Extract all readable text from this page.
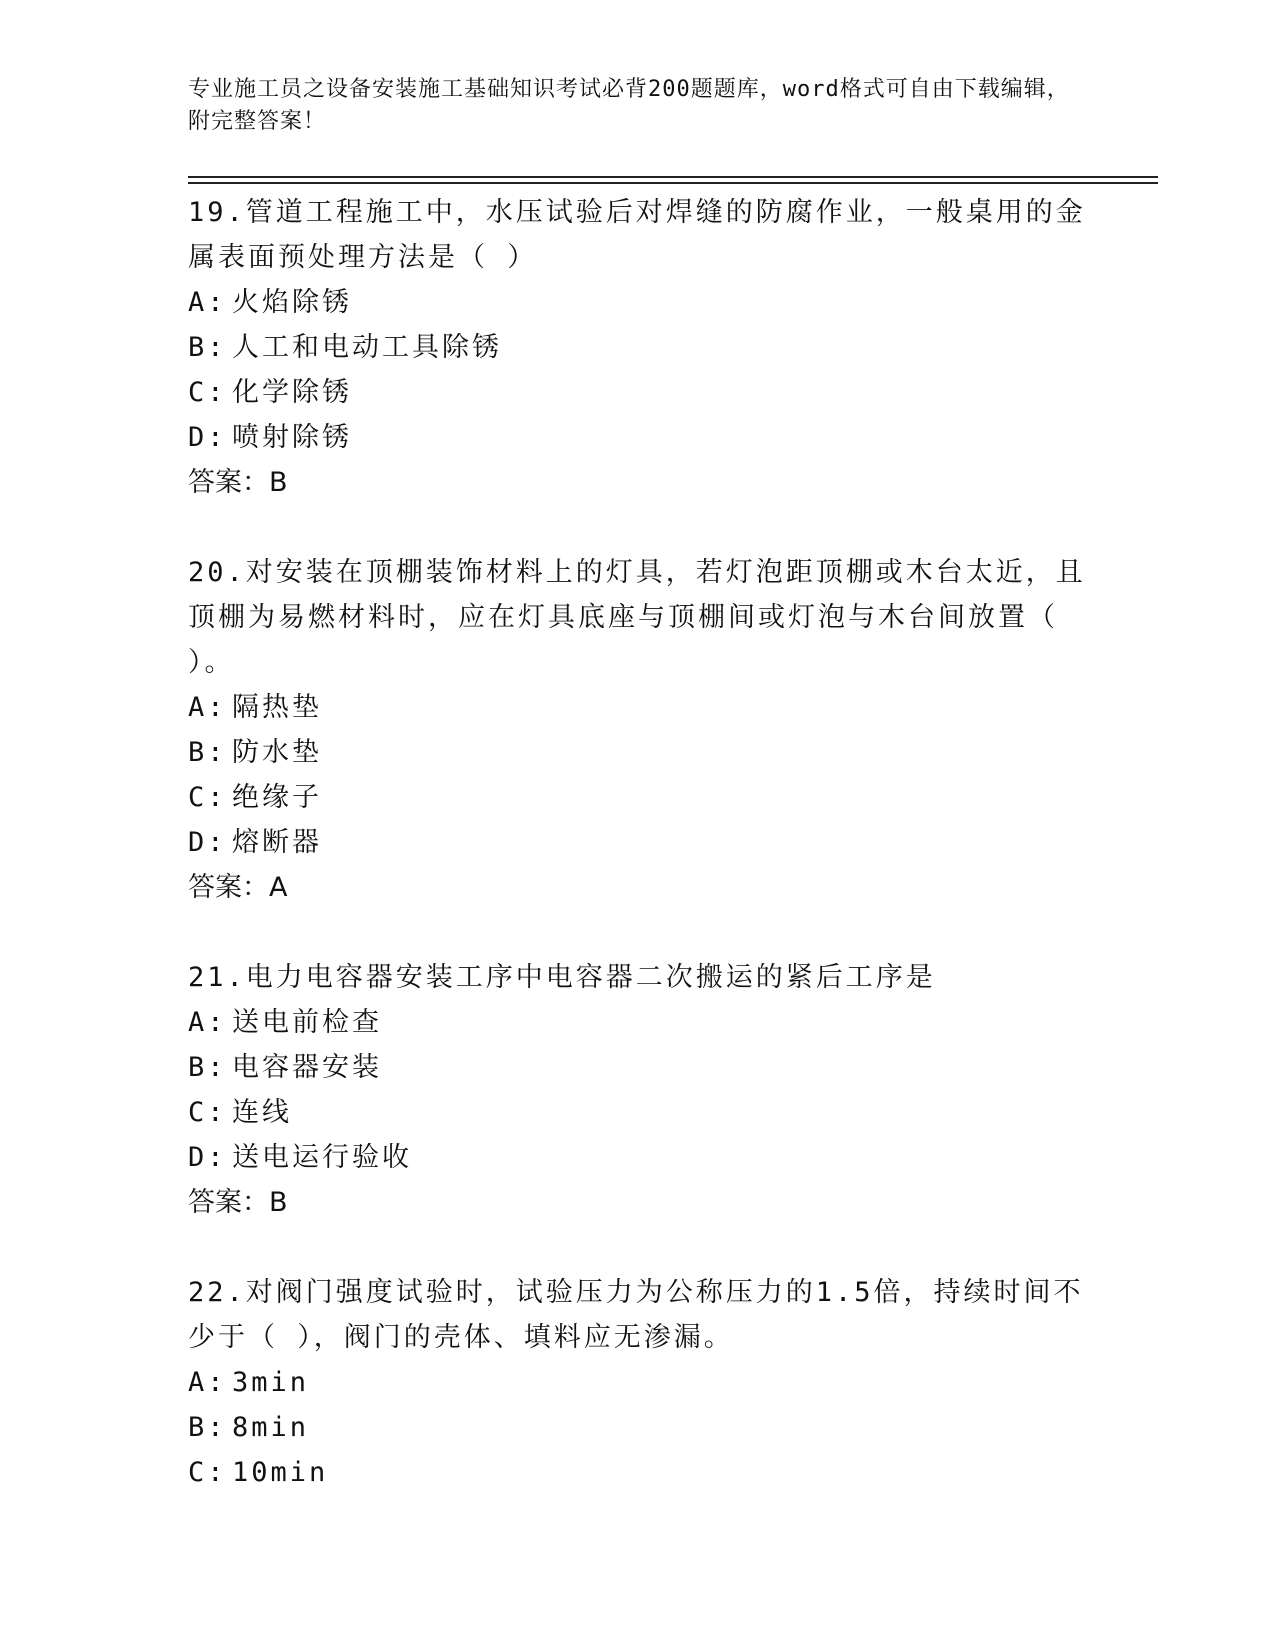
专业施工员之设备安装施工基础知识考试必背200题题库，word格式可自由下载编辑，附完整答案！
19.管道工程施工中，水压试验后对焊缝的防腐作业，一般桌用的金属表面预处理方法是（ ）
A: 火焰除锈
B: 人工和电动工具除锈
C: 化学除锈
D: 喷射除锈
答案：B
20.对安装在顶棚装饰材料上的灯具，若灯泡距顶棚或木台太近，且顶棚为易燃材料时，应在灯具底座与顶棚间或灯泡与木台间放置（ ）。
A: 隔热垫
B: 防水垫
C: 绝缘子
D: 熔断器
答案：A
21.电力电容器安装工序中电容器二次搬运的紧后工序是
A: 送电前检查
B: 电容器安装
C: 连线
D: 送电运行验收
答案：B
22.对阀门强度试验时，试验压力为公称压力的1.5倍，持续时间不少于（ ），阀门的壳体、填料应无渗漏。
A: 3min
B: 8min
C: 10min
